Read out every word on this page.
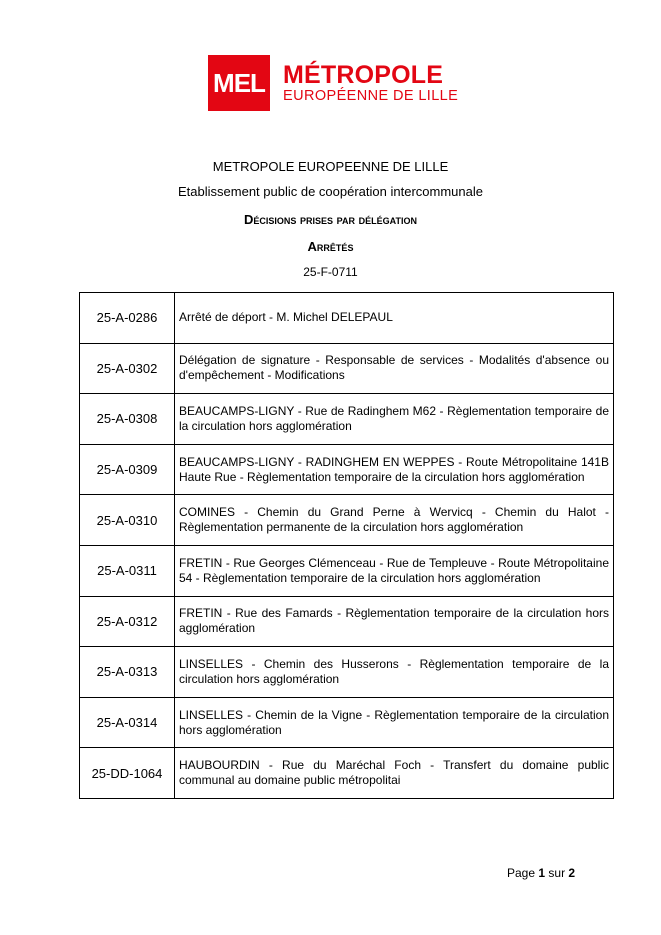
MEL MÉTROPOLE
EUROPÉENNE DE LILLE
METROPOLE EUROPEENNE DE LILLE
Etablissement public de coopération intercommunale
Décisions prises par délégation
Arrêtés
25-F-0711
25-A-0286	Arrêté de déport - M. Michel DELEPAUL
25-A-0302	Délégation de signature - Responsable de services - Modalités d'absence ou d'empêchement - Modifications
25-A-0308	BEAUCAMPS-LIGNY - Rue de Radinghem M62 - Règlementation temporaire de la circulation hors agglomération
25-A-0309	BEAUCAMPS-LIGNY - RADINGHEM EN WEPPES - Route Métropolitaine 141B Haute Rue - Règlementation temporaire de la circulation hors agglomération
25-A-0310	COMINES - Chemin du Grand Perne à Wervicq - Chemin du Halot - Règlementation permanente de la circulation hors agglomération
25-A-0311	FRETIN - Rue Georges Clémenceau - Rue de Templeuve - Route Métropolitaine 54 - Règlementation temporaire de la circulation hors agglomération
25-A-0312	FRETIN - Rue des Famards - Règlementation temporaire de la circulation hors agglomération
25-A-0313	LINSELLES - Chemin des Husserons - Règlementation temporaire de la circulation hors agglomération
25-A-0314	LINSELLES - Chemin de la Vigne - Règlementation temporaire de la circulation hors agglomération
25-DD-1064	HAUBOURDIN - Rue du Maréchal Foch - Transfert du domaine public communal au domaine public métropolitai
Page 1 sur 2
